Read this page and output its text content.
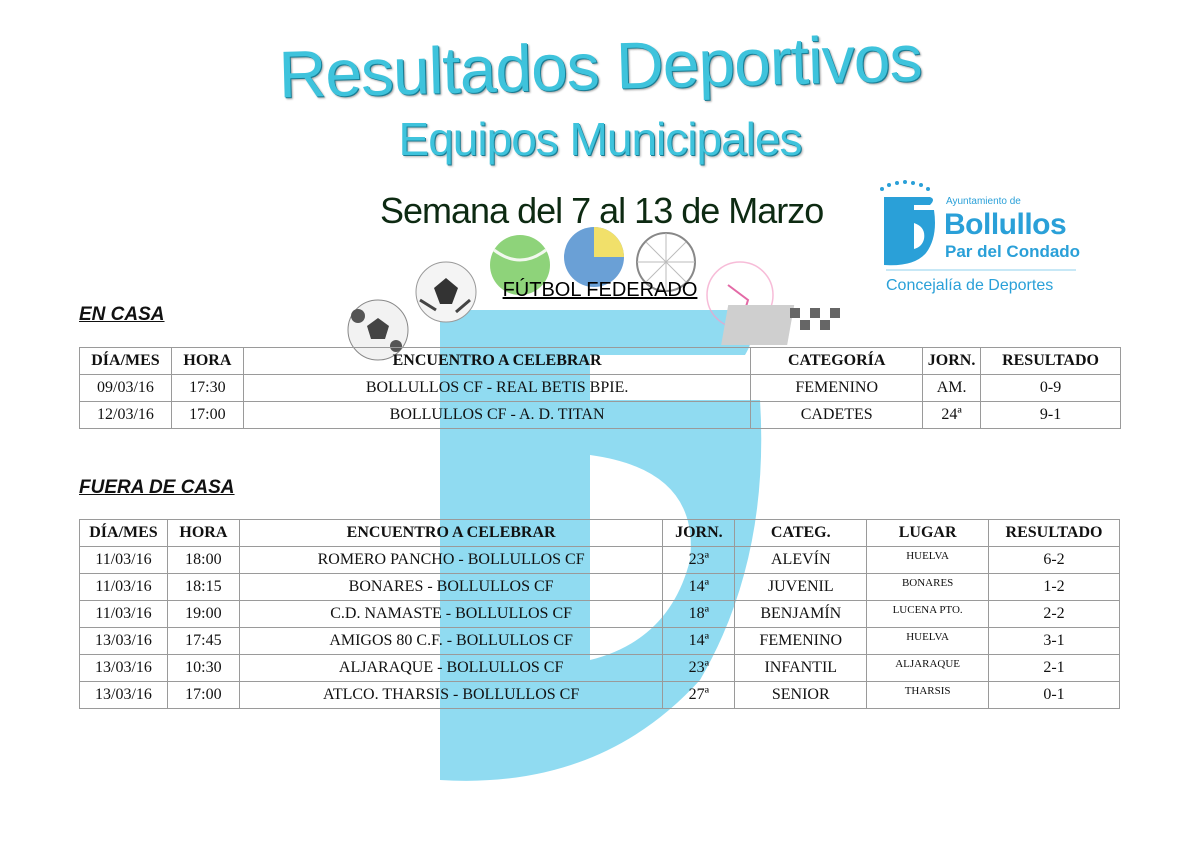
Resultados Deportivos
Equipos Municipales
Semana del 7 al 13 de Marzo	Ayuntamiento de
Bollullos
Par del Condado
Concejalía de Deportes
FÚTBOL FEDERADO
EN CASA
DÍA/MES	HORA	ENCUENTRO A CELEBRAR	CATEGORÍA	JORN.	RESULTADO
09/03/16	17:30	BOLLULLOS CF - REAL BETIS BPIE.	FEMENINO	AM.	0-9
12/03/16	17:00	BOLLULLOS CF - A. D. TITAN	CADETES	24ª	9-1
FUERA DE CASA
DÍA/MES	HORA	ENCUENTRO A CELEBRAR	JORN.	CATEG.	LUGAR	RESULTADO
11/03/16	18:00	ROMERO PANCHO - BOLLULLOS CF	23ª	ALEVÍN	HUELVA	6-2
11/03/16	18:15	BONARES - BOLLULLOS CF	14ª	JUVENIL	BONARES	1-2
11/03/16	19:00	C.D. NAMASTE - BOLLULLOS CF	18ª	BENJAMÍN	LUCENA PTO.	2-2
13/03/16	17:45	AMIGOS 80 C.F. - BOLLULLOS CF	14ª	FEMENINO	HUELVA	3-1
13/03/16	10:30	ALJARAQUE - BOLLULLOS CF	23ª	INFANTIL	ALJARAQUE	2-1
13/03/16	17:00	ATLCO. THARSIS - BOLLULLOS CF	27ª	SENIOR	THARSIS	0-1
